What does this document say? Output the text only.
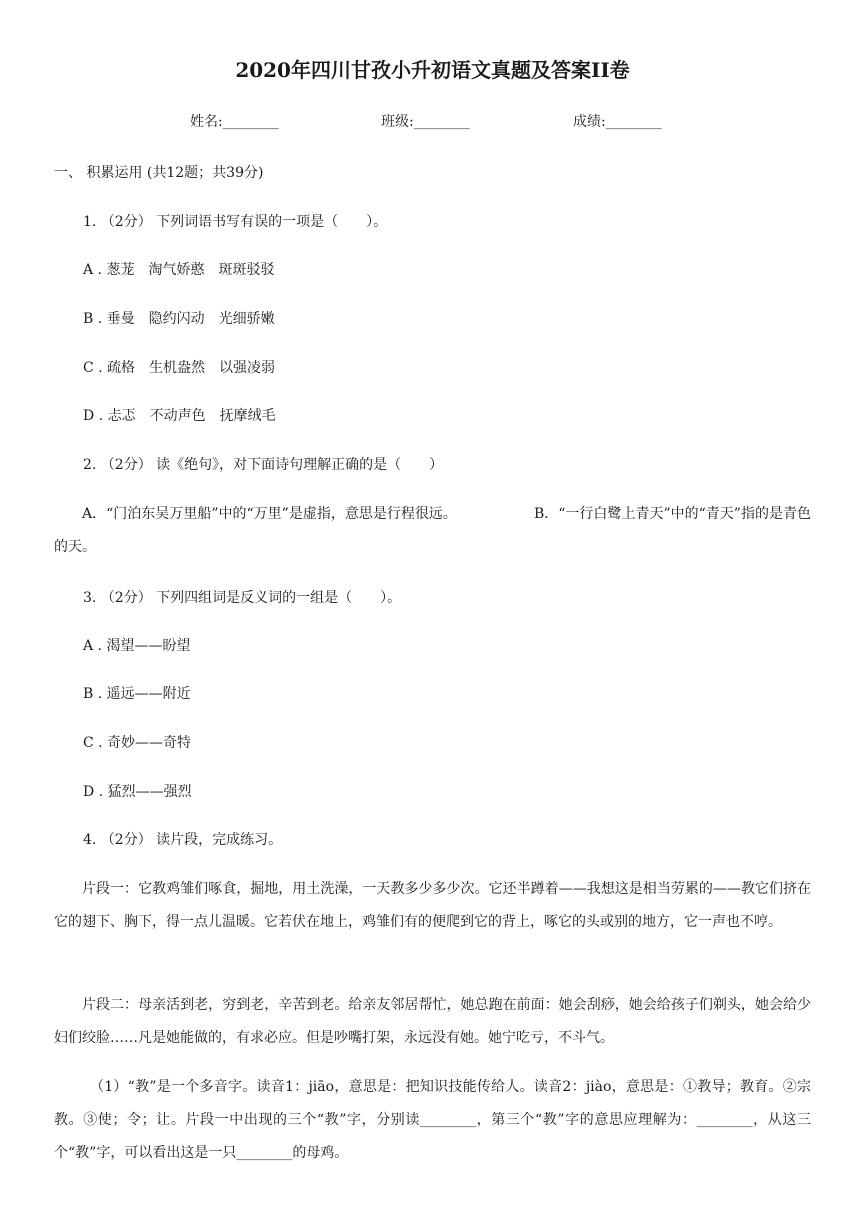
2020年四川甘孜小升初语文真题及答案II卷
姓名:________	班级:________	成绩:________
一、 积累运用 (共12题；共39分)
1. （2分） 下列词语书写有误的一项是（　　）。
A . 葱茏　淘气娇憨　斑斑驳驳
B . 垂曼　隐约闪动　光细骄嫩
C . 疏格　生机盎然　以强凌弱
D . 忐忑　不动声色　抚摩绒毛
2. （2分） 读《绝句》，对下面诗句理解正确的是（　　）
A．“门泊东吴万里船”中的“万里”是虚指，意思是行程很远。　　　　　　B．“一行白鹭上青天”中的“青天”指的是青色的天。
3. （2分） 下列四组词是反义词的一组是（　　）。
A . 渴望——盼望
B . 遥远——附近
C . 奇妙——奇特
D . 猛烈——强烈
4. （2分） 读片段，完成练习。
片段一：它教鸡雏们啄食，掘地，用土洗澡，一天教多少多少次。它还半蹲着——我想这是相当劳累的——教它们挤在它的翅下、胸下，得一点儿温暖。它若伏在地上，鸡雏们有的便爬到它的背上，啄它的头或别的地方，它一声也不哼。
片段二：母亲活到老，穷到老，辛苦到老。给亲友邻居帮忙，她总跑在前面：她会刮痧，她会给孩子们剃头，她会给少妇们绞脸……凡是她能做的，有求必应。但是吵嘴打架，永远没有她。她宁吃亏，不斗气。
（1）“教”是一个多音字。读音1：jiāo，意思是：把知识技能传给人。读音2：jiào，意思是：①教导；教育。②宗教。③使；令；让。片段一中出现的三个“教”字，分别读________，第三个“教”字的意思应理解为：________，从这三个“教”字，可以看出这是一只________的母鸡。
